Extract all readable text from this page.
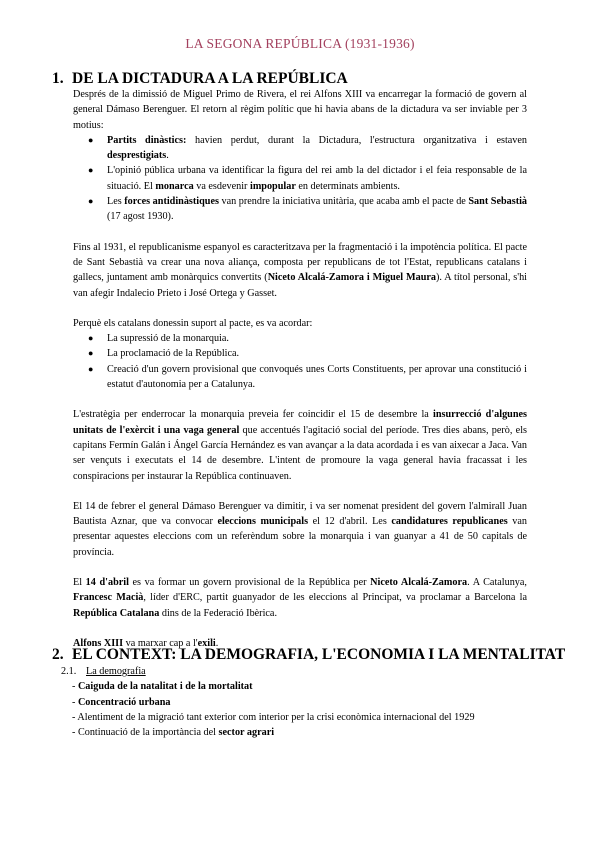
LA SEGONA REPÚBLICA (1931-1936)
1. DE LA DICTADURA A LA REPÚBLICA

Després de la dimissió de Miguel Primo de Rivera, el rei Alfons XIII va encarregar la formació de govern al general Dámaso Berenguer. El retorn al règim polític que hi havia abans de la dictadura va ser inviable per 3 motius:

● Partits dinàstics: havien perdut, durant la Dictadura, l'estructura organitzativa i estaven desprestigiats.
● L'opinió pública urbana va identificar la figura del rei amb la del dictador i el feia responsable de la situació. El monarca va esdevenir impopular en determinats ambients.
● Les forces antidinàstiques van prendre la iniciativa unitària, que acaba amb el pacte de Sant Sebastià (17 agost 1930).

Fins al 1931, el republicanisme espanyol es caracteritzava per la fragmentació i la impotència política. El pacte de Sant Sebastià va crear una nova aliança, composta per republicans de tot l'Estat, republicans catalans i gallecs, juntament amb monàrquics convertits (Niceto Alcalá-Zamora i Miguel Maura). A títol personal, s'hi van afegir Indalecio Prieto i José Ortega y Gasset.

Perquè els catalans donessin suport al pacte, es va acordar:

● La supressió de la monarquia.
● La proclamació de la República.
● Creació d'un govern provisional que convoqués unes Corts Constituents, per aprovar una constitució i estatut d'autonomia per a Catalunya.

L'estratègia per enderrocar la monarquia preveia fer coincidir el 15 de desembre la insurrecció d'algunes unitats de l'exèrcit i una vaga general que accentués l'agitació social del període. Tres dies abans, però, els capitans Fermín Galán i Ángel García Hernández es van avançar a la data acordada i es van aixecar a Jaca. Van ser vençuts i executats el 14 de desembre. L'intent de promoure la vaga general havia fracassat i les conspiracions per instaurar la República continuaven.

El 14 de febrer el general Dámaso Berenguer va dimitir, i va ser nomenat president del govern l'almirall Juan Bautista Aznar, que va convocar eleccions municipals el 12 d'abril. Les candidatures republicanes van presentar aquestes eleccions com un referèndum sobre la monarquia i van guanyar a 41 de 50 capitals de província.

El 14 d'abril es va formar un govern provisional de la República per Niceto Alcalá-Zamora. A Catalunya, Francesc Macià, líder d'ERC, partit guanyador de les eleccions al Principat, va proclamar a Barcelona la República Catalana dins de la Federació Ibèrica.

Alfons XIII va marxar cap a l'exili.

2. EL CONTEXT: LA DEMOGRAFIA, L'ECONOMIA I LA MENTALITAT
2.1. La demografia
- Caiguda de la natalitat i de la mortalitat
- Concentració urbana
- Alentiment de la migració tant exterior com interior per la crisi econòmica internacional del 1929
- Continuació de la importància del sector agrari
